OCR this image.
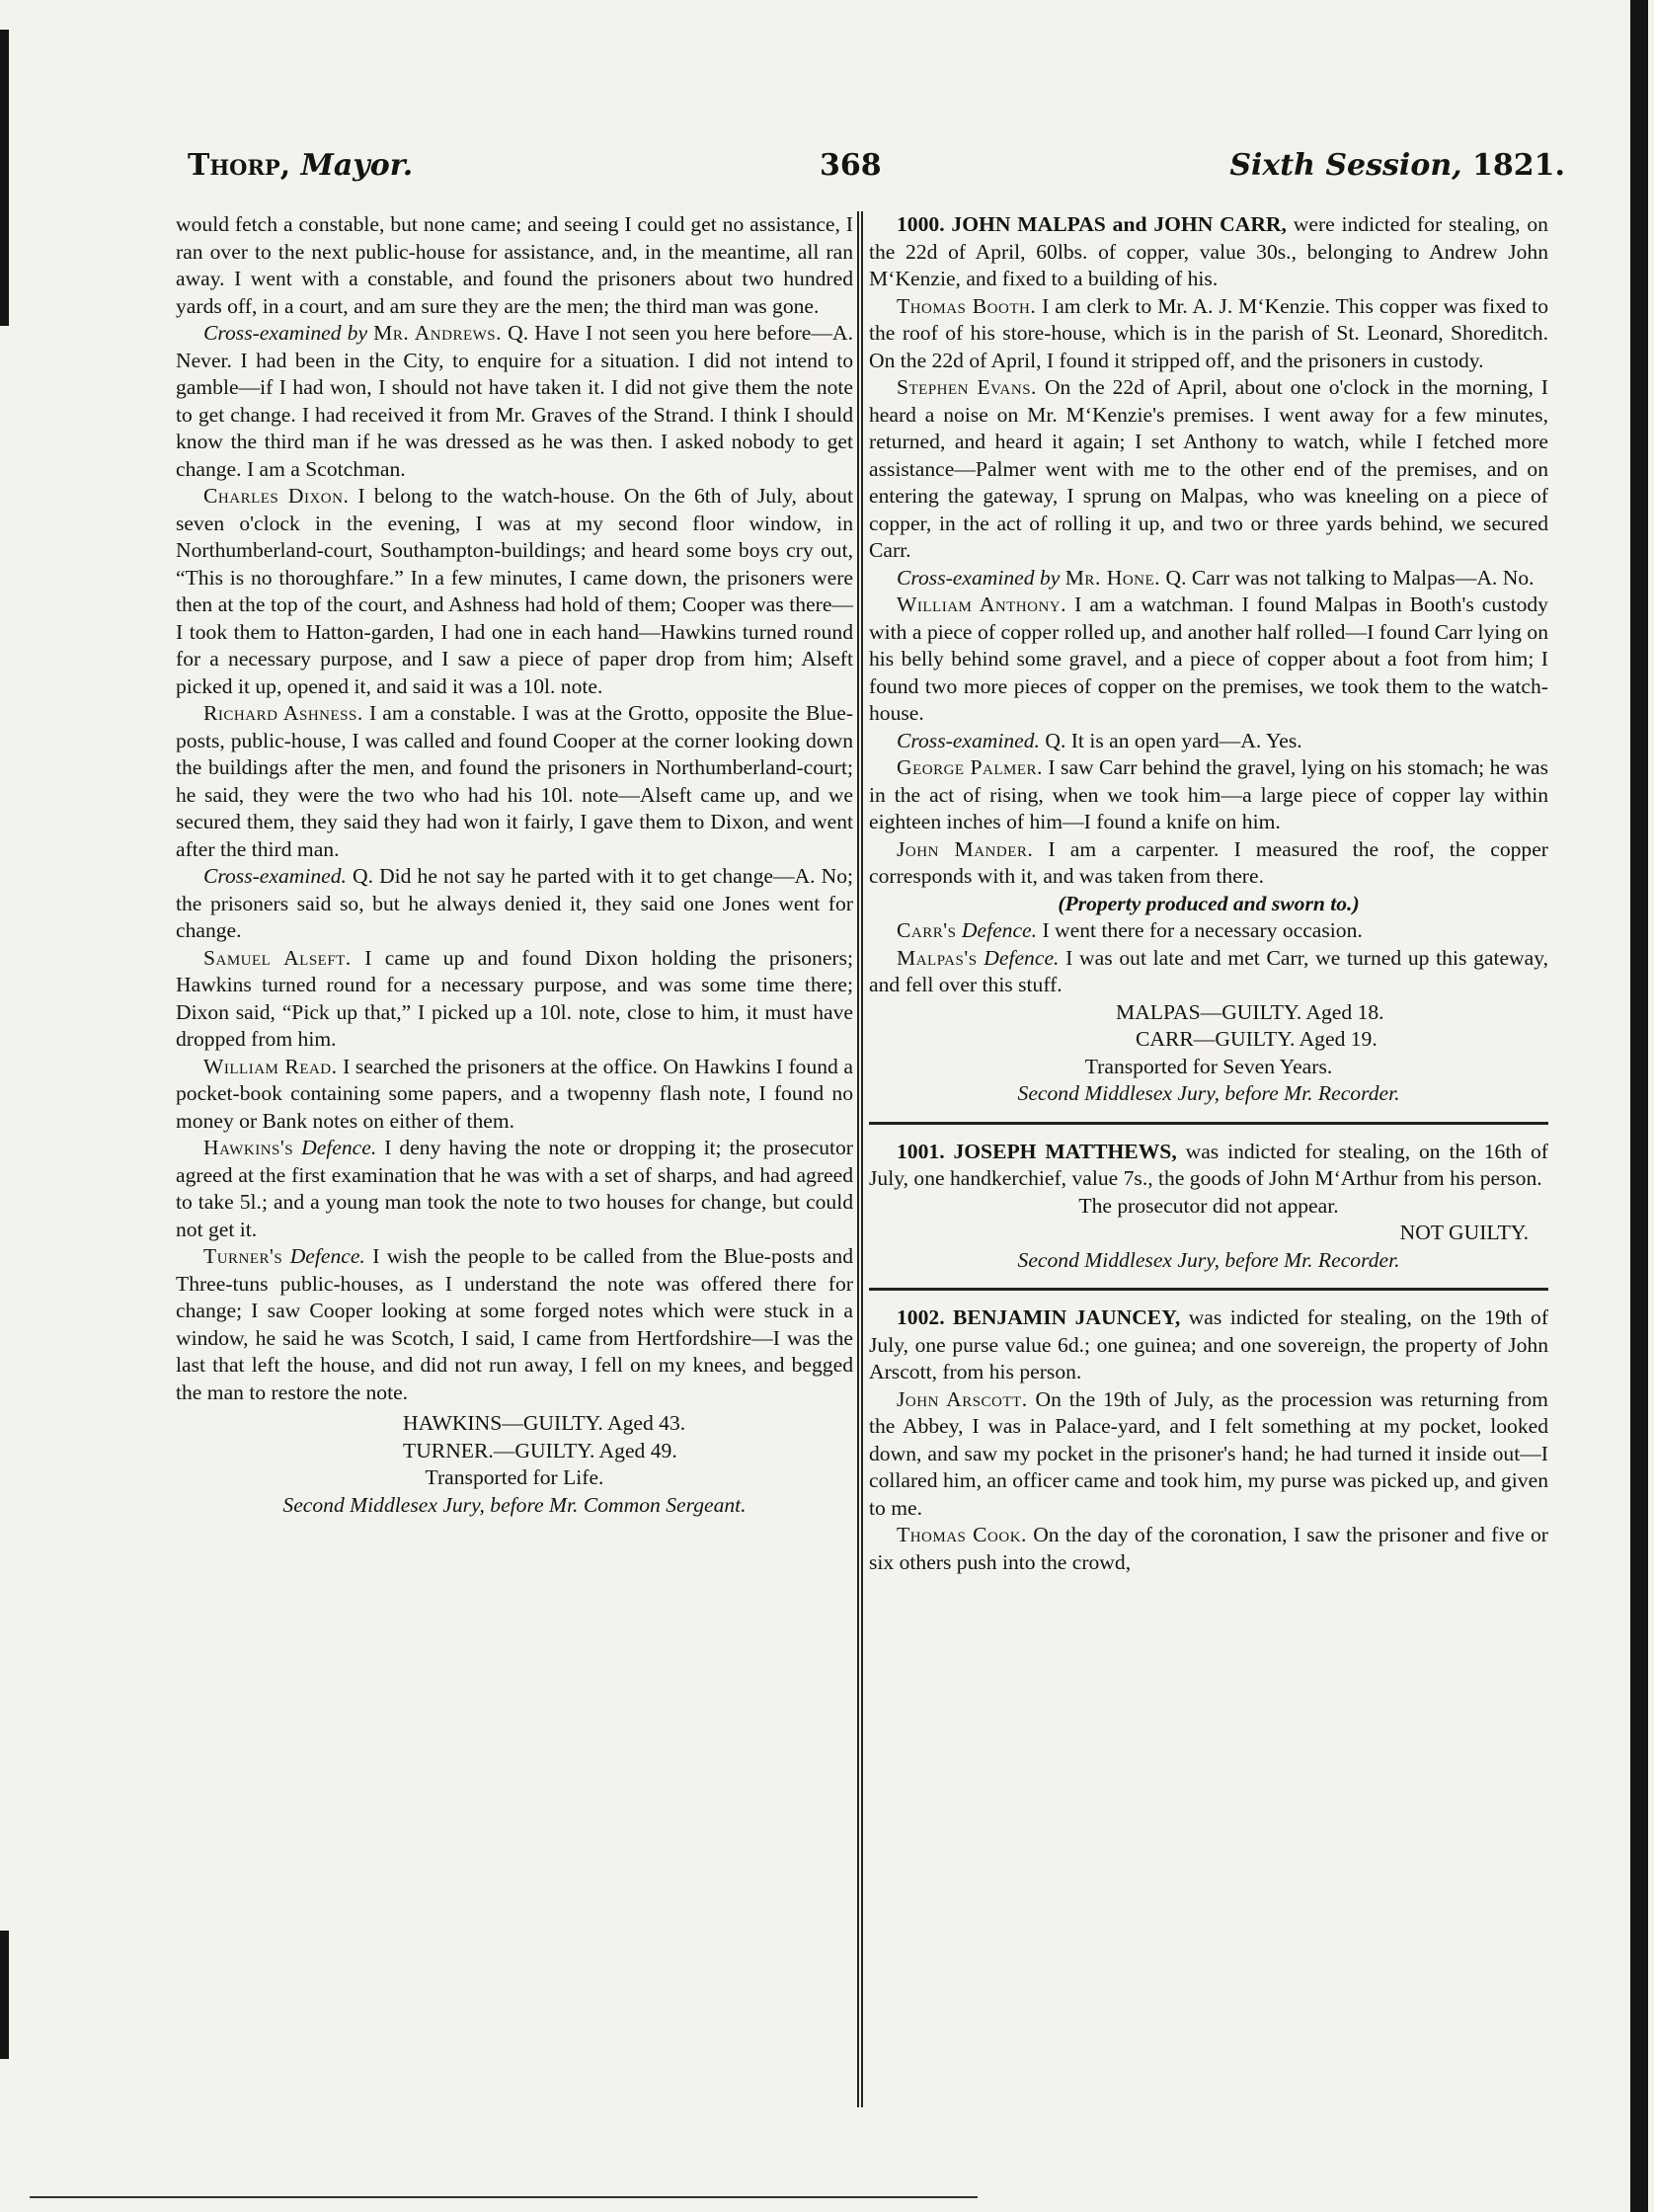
Thorp, Mayor.	368	Sixth Session, 1821.

would fetch a constable, but none came; and seeing I could get no assistance, I ran over to the next public-house for assistance, and, in the meantime, all ran away. I went with a constable, and found the prisoners about two hundred yards off, in a court, and am sure they are the men; the third man was gone.

Cross-examined by Mr. Andrews. Q. Have I not seen you here before—A. Never. I had been in the City, to enquire for a situation. I did not intend to gamble—if I had won, I should not have taken it. I did not give them the note to get change. I had received it from Mr. Graves of the Strand. I think I should know the third man if he was dressed as he was then. I asked nobody to get change. I am a Scotchman.

Charles Dixon. I belong to the watch-house. On the 6th of July, about seven o'clock in the evening, I was at my second floor window, in Northumberland-court, Southampton-buildings; and heard some boys cry out, “This is no thoroughfare.” In a few minutes, I came down, the prisoners were then at the top of the court, and Ashness had hold of them; Cooper was there—I took them to Hatton-garden, I had one in each hand—Hawkins turned round for a necessary purpose, and I saw a piece of paper drop from him; Alseft picked it up, opened it, and said it was a 10l. note.

Richard Ashness. I am a constable. I was at the Grotto, opposite the Blue-posts, public-house, I was called and found Cooper at the corner looking down the buildings after the men, and found the prisoners in Northumberland-court; he said, they were the two who had his 10l. note—Alseft came up, and we secured them, they said they had won it fairly, I gave them to Dixon, and went after the third man.

Cross-examined. Q. Did he not say he parted with it to get change—A. No; the prisoners said so, but he always denied it, they said one Jones went for change.

Samuel Alseft. I came up and found Dixon holding the prisoners; Hawkins turned round for a necessary purpose, and was some time there; Dixon said, “Pick up that,” I picked up a 10l. note, close to him, it must have dropped from him.

William Read. I searched the prisoners at the office. On Hawkins I found a pocket-book containing some papers, and a twopenny flash note, I found no money or Bank notes on either of them.

Hawkins's Defence. I deny having the note or dropping it; the prosecutor agreed at the first examination that he was with a set of sharps, and had agreed to take 5l.; and a young man took the note to two houses for change, but could not get it.

Turner's Defence. I wish the people to be called from the Blue-posts and Three-tuns public-houses, as I understand the note was offered there for change; I saw Cooper looking at some forged notes which were stuck in a window, he said he was Scotch, I said, I came from Hertfordshire—I was the last that left the house, and did not run away, I fell on my knees, and begged the man to restore the note.

HAWKINS—GUILTY. Aged 43.

TURNER.—GUILTY. Aged 49.

Transported for Life.

Second Middlesex Jury, before Mr. Common Sergeant.

1000. JOHN MALPAS and JOHN CARR, were indicted for stealing, on the 22d of April, 60lbs. of copper, value 30s., belonging to Andrew John M‘Kenzie, and fixed to a building of his.

Thomas Booth. I am clerk to Mr. A. J. M‘Kenzie. This copper was fixed to the roof of his store-house, which is in the parish of St. Leonard, Shoreditch. On the 22d of April, I found it stripped off, and the prisoners in custody.

Stephen Evans. On the 22d of April, about one o'clock in the morning, I heard a noise on Mr. M‘Kenzie's premises. I went away for a few minutes, returned, and heard it again; I set Anthony to watch, while I fetched more assistance—Palmer went with me to the other end of the premises, and on entering the gateway, I sprung on Malpas, who was kneeling on a piece of copper, in the act of rolling it up, and two or three yards behind, we secured Carr.

Cross-examined by Mr. Hone. Q. Carr was not talking to Malpas—A. No.

William Anthony. I am a watchman. I found Malpas in Booth's custody with a piece of copper rolled up, and another half rolled—I found Carr lying on his belly behind some gravel, and a piece of copper about a foot from him; I found two more pieces of copper on the premises, we took them to the watch-house.

Cross-examined. Q. It is an open yard—A. Yes.

George Palmer. I saw Carr behind the gravel, lying on his stomach; he was in the act of rising, when we took him—a large piece of copper lay within eighteen inches of him—I found a knife on him.

John Mander. I am a carpenter. I measured the roof, the copper corresponds with it, and was taken from there.

(Property produced and sworn to.)

Carr's Defence. I went there for a necessary occasion.

Malpas's Defence. I was out late and met Carr, we turned up this gateway, and fell over this stuff.

MALPAS—GUILTY. Aged 18.

CARR—GUILTY. Aged 19.

Transported for Seven Years.

Second Middlesex Jury, before Mr. Recorder.

1001. JOSEPH MATTHEWS, was indicted for stealing, on the 16th of July, one handkerchief, value 7s., the goods of John M‘Arthur from his person.

The prosecutor did not appear.

NOT GUILTY.

Second Middlesex Jury, before Mr. Recorder.

1002. BENJAMIN JAUNCEY, was indicted for stealing, on the 19th of July, one purse value 6d.; one guinea; and one sovereign, the property of John Arscott, from his person.

John Arscott. On the 19th of July, as the procession was returning from the Abbey, I was in Palace-yard, and I felt something at my pocket, looked down, and saw my pocket in the prisoner's hand; he had turned it inside out—I collared him, an officer came and took him, my purse was picked up, and given to me.

Thomas Cook. On the day of the coronation, I saw the prisoner and five or six others push into the crowd,
